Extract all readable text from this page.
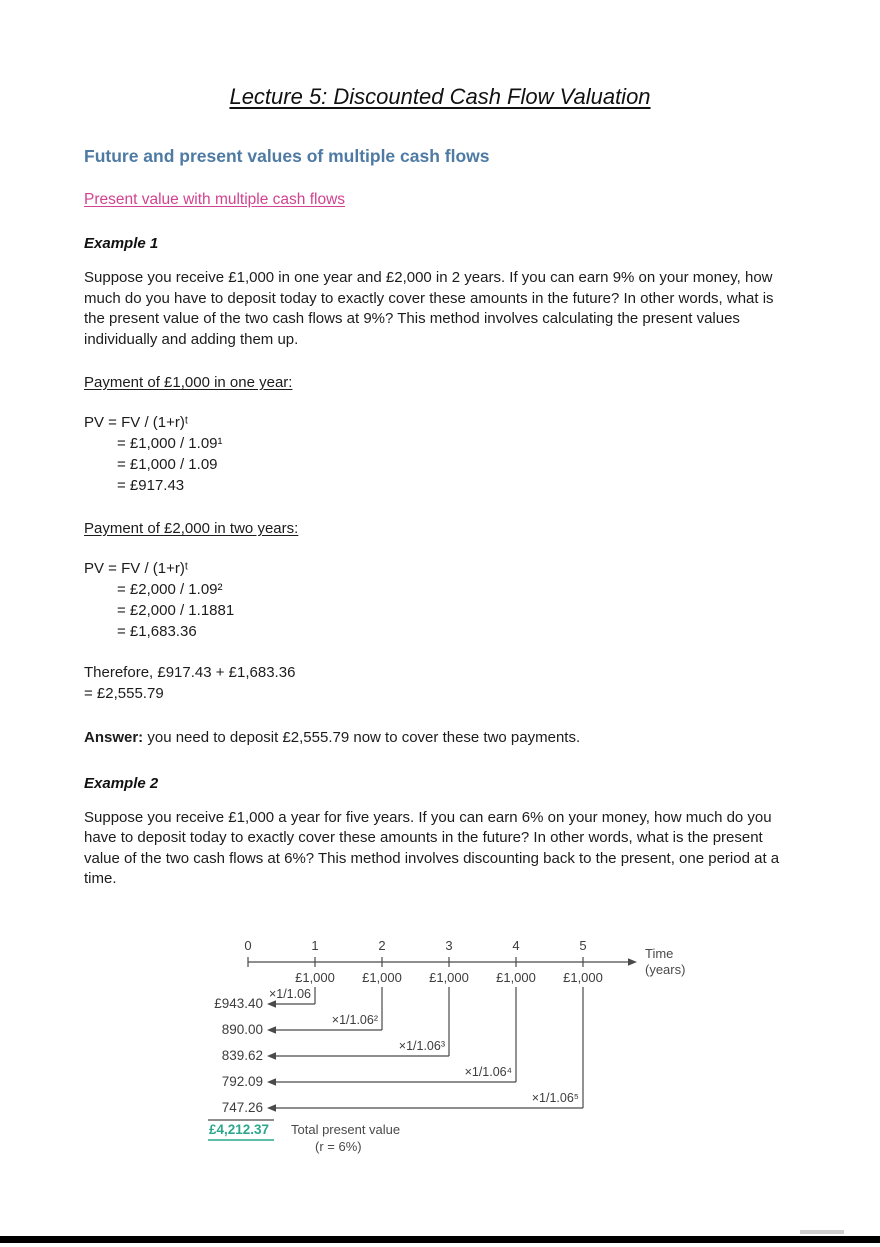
Lecture 5: Discounted Cash Flow Valuation
Future and present values of multiple cash flows
Present value with multiple cash flows
Example 1

Suppose you receive £1,000 in one year and £2,000 in 2 years. If you can earn 9% on your money, how much do you have to deposit today to exactly cover these amounts in the future? In other words, what is the present value of the two cash flows at 9%? This method involves calculating the present values individually and adding them up.

Payment of £1,000 in one year:
PV = FV / (1+r)ᵗ
= £1,000 / 1.09¹
= £1,000 / 1.09
= £917.43
Payment of £2,000 in two years:
PV = FV / (1+r)ᵗ
= £2,000 / 1.09²
= £2,000 / 1.1881
= £1,683.36
Therefore, £917.43 + £1,683.36
= £2,555.79

Answer: you need to deposit £2,555.79 now to cover these two payments.

Example 2

Suppose you receive £1,000 a year for five years. If you can earn 6% on your money, how much do you have to deposit today to exactly cover these amounts in the future? In other words, what is the present value of the two cash flows at 6%? This method involves discounting back to the present, one period at a time.

0	1	2	3	4	5
Time
(years)
£1,000 £1,000 £1,000 £1,000 £1,000
×1/1.06
×1/1.06²
×1/1.06³
×1/1.06⁴
×1/1.06⁵
£943.40
890.00
839.62
792.09
747.26
£4,212.37 Total present value
(r = 6%)
